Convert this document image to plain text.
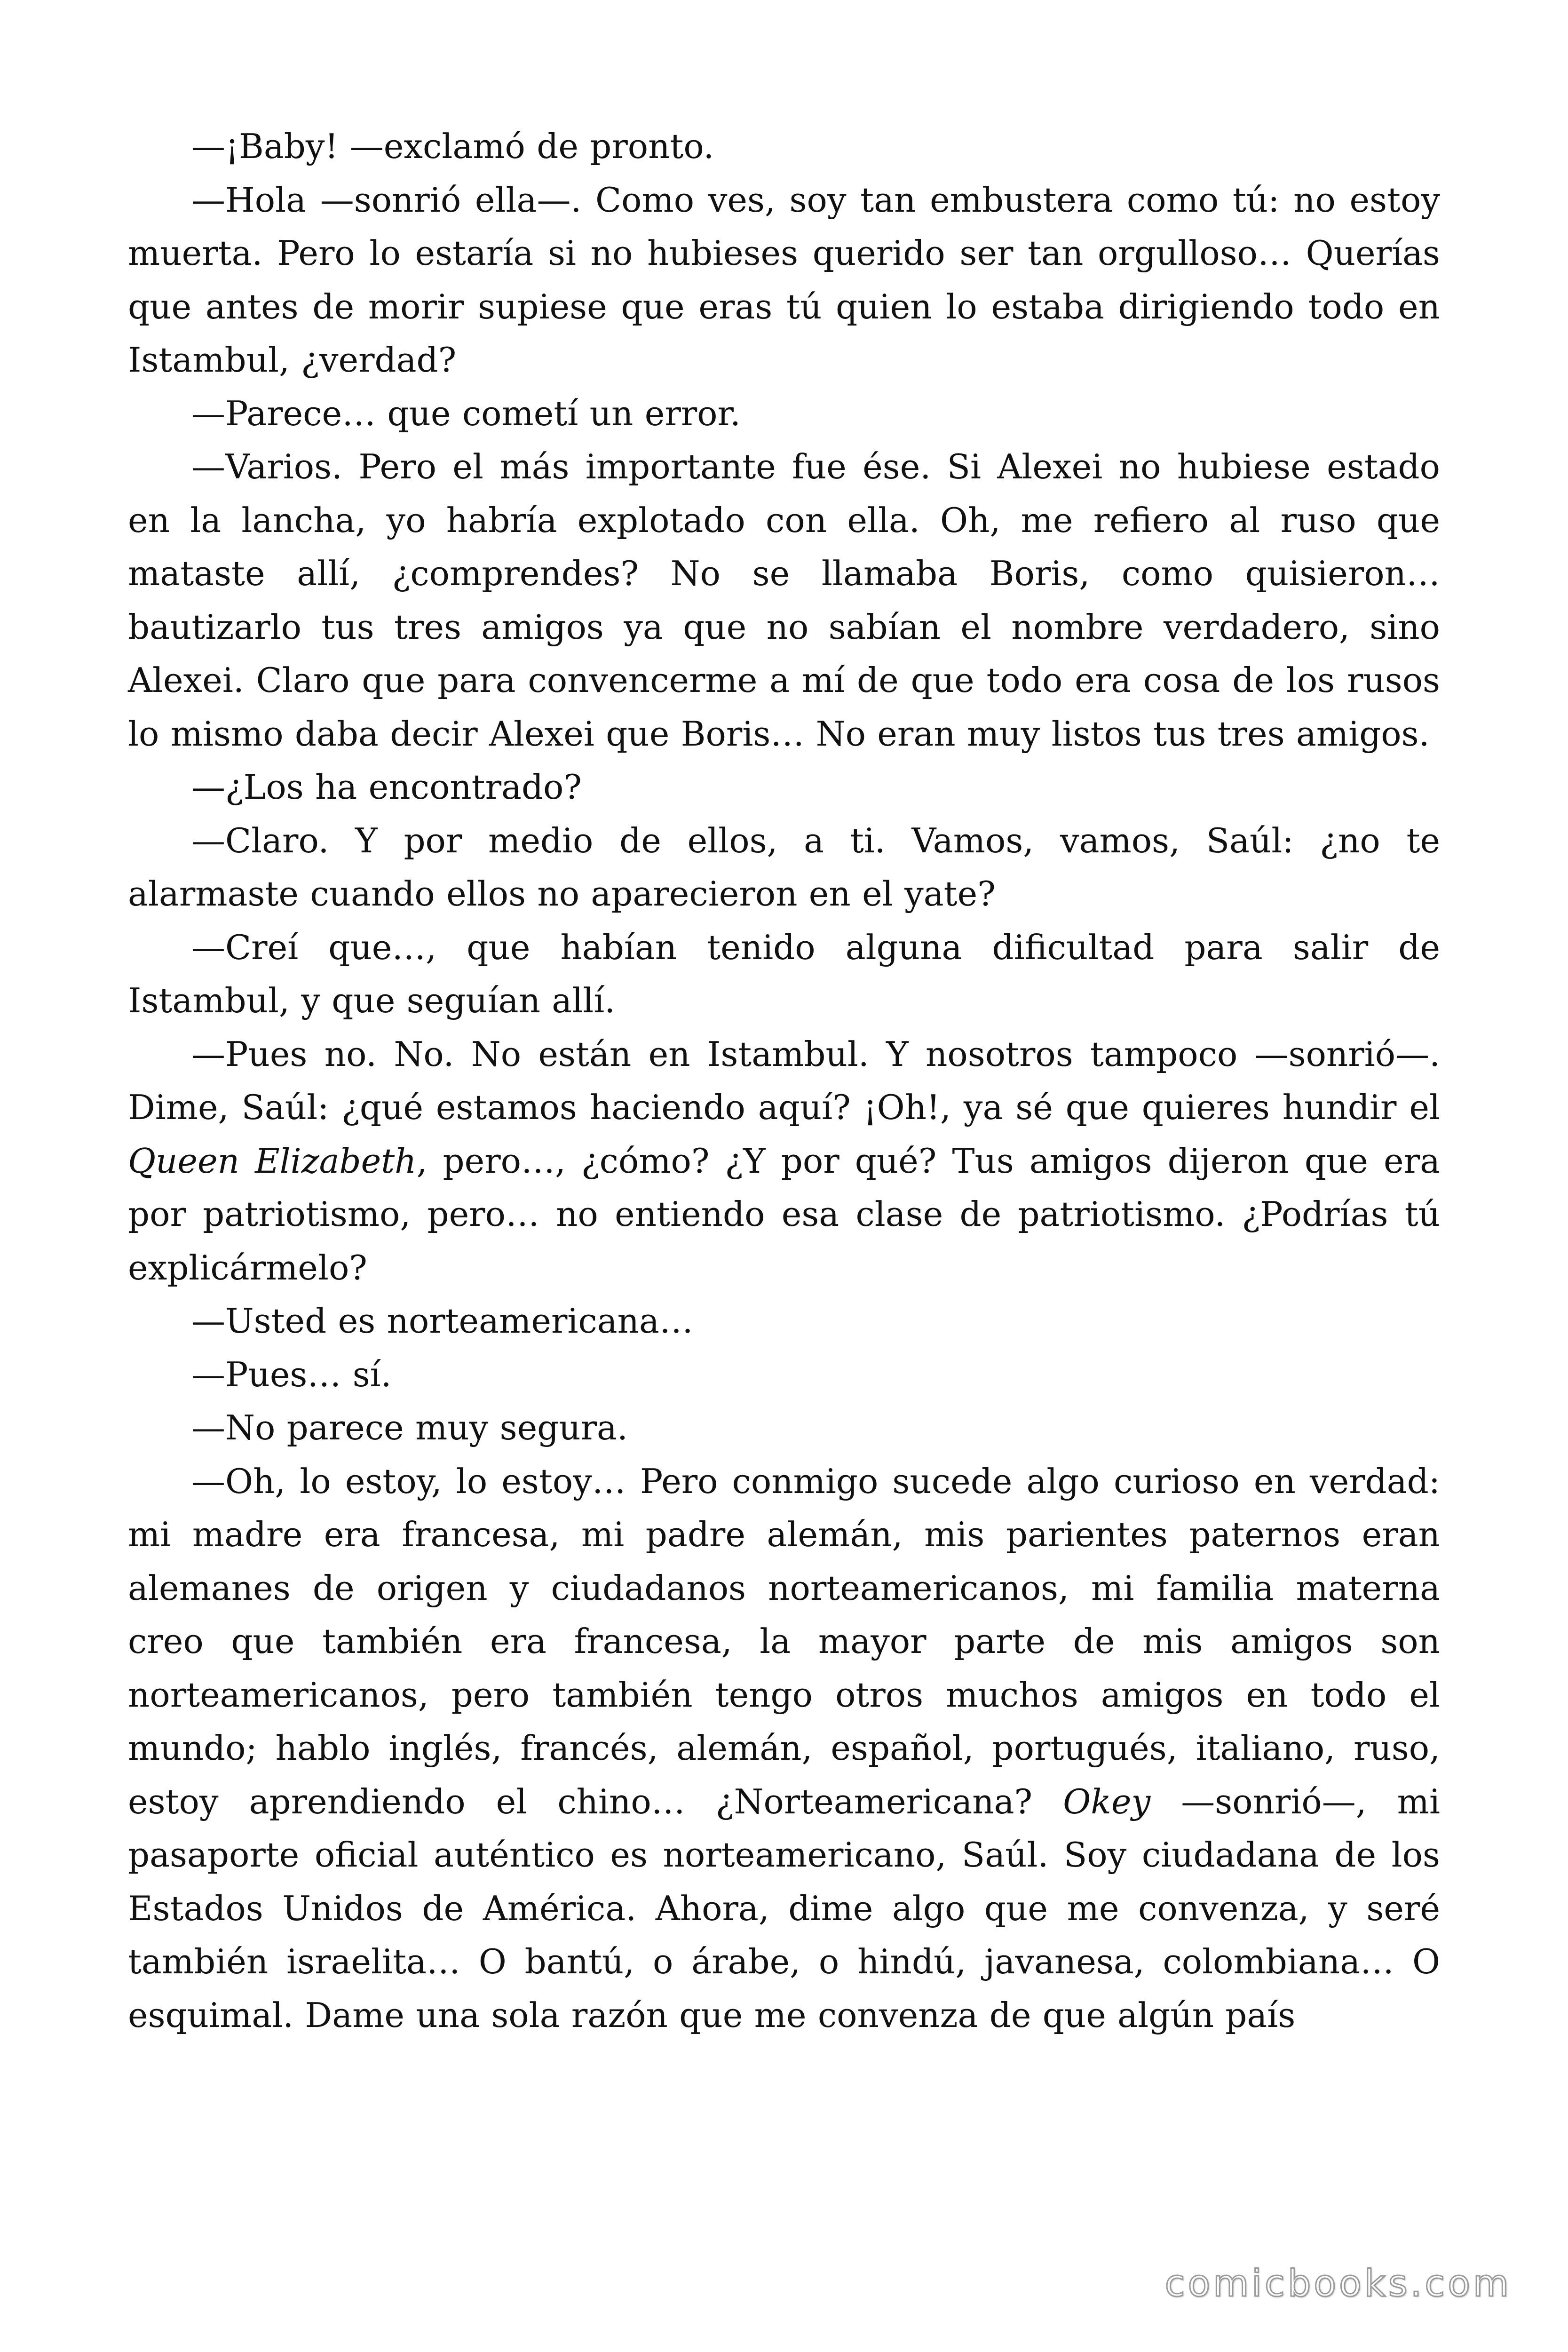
—¡Baby! —exclamó de pronto.

—Hola —sonrió ella—. Como ves, soy tan embustera como tú: no estoy muerta. Pero lo estaría si no hubieses querido ser tan orgulloso… Querías que antes de morir supiese que eras tú quien lo estaba dirigiendo todo en Istambul, ¿verdad?

—Parece… que cometí un error.

—Varios. Pero el más importante fue ése. Si Alexei no hubiese estado en la lancha, yo habría explotado con ella. Oh, me refiero al ruso que mataste allí, ¿comprendes? No se llamaba Boris, como quisieron… bautizarlo tus tres amigos ya que no sabían el nombre verdadero, sino Alexei. Claro que para convencerme a mí de que todo era cosa de los rusos lo mismo daba decir Alexei que Boris… No eran muy listos tus tres amigos.

—¿Los ha encontrado?

—Claro. Y por medio de ellos, a ti. Vamos, vamos, Saúl: ¿no te alarmaste cuando ellos no aparecieron en el yate?

—Creí que…, que habían tenido alguna dificultad para salir de Istambul, y que seguían allí.

—Pues no. No. No están en Istambul. Y nosotros tampoco —sonrió—. Dime, Saúl: ¿qué estamos haciendo aquí? ¡Oh!, ya sé que quieres hundir el Queen Elizabeth, pero…, ¿cómo? ¿Y por qué? Tus amigos dijeron que era por patriotismo, pero… no entiendo esa clase de patriotismo. ¿Podrías tú explicármelo?

—Usted es norteamericana…

—Pues… sí.

—No parece muy segura.

—Oh, lo estoy, lo estoy… Pero conmigo sucede algo curioso en verdad: mi madre era francesa, mi padre alemán, mis parientes paternos eran alemanes de origen y ciudadanos norteamericanos, mi familia materna creo que también era francesa, la mayor parte de mis amigos son norteamericanos, pero también tengo otros muchos amigos en todo el mundo; hablo inglés, francés, alemán, español, portugués, italiano, ruso, estoy aprendiendo el chino… ¿Norteamericana? Okey —sonrió—, mi pasaporte oficial auténtico es norteamericano, Saúl. Soy ciudadana de los Estados Unidos de América. Ahora, dime algo que me convenza, y seré también israelita… O bantú, o árabe, o hindú, javanesa, colombiana… O esquimal. Dame una sola razón que me convenza de que algún país

comicbooks.com
